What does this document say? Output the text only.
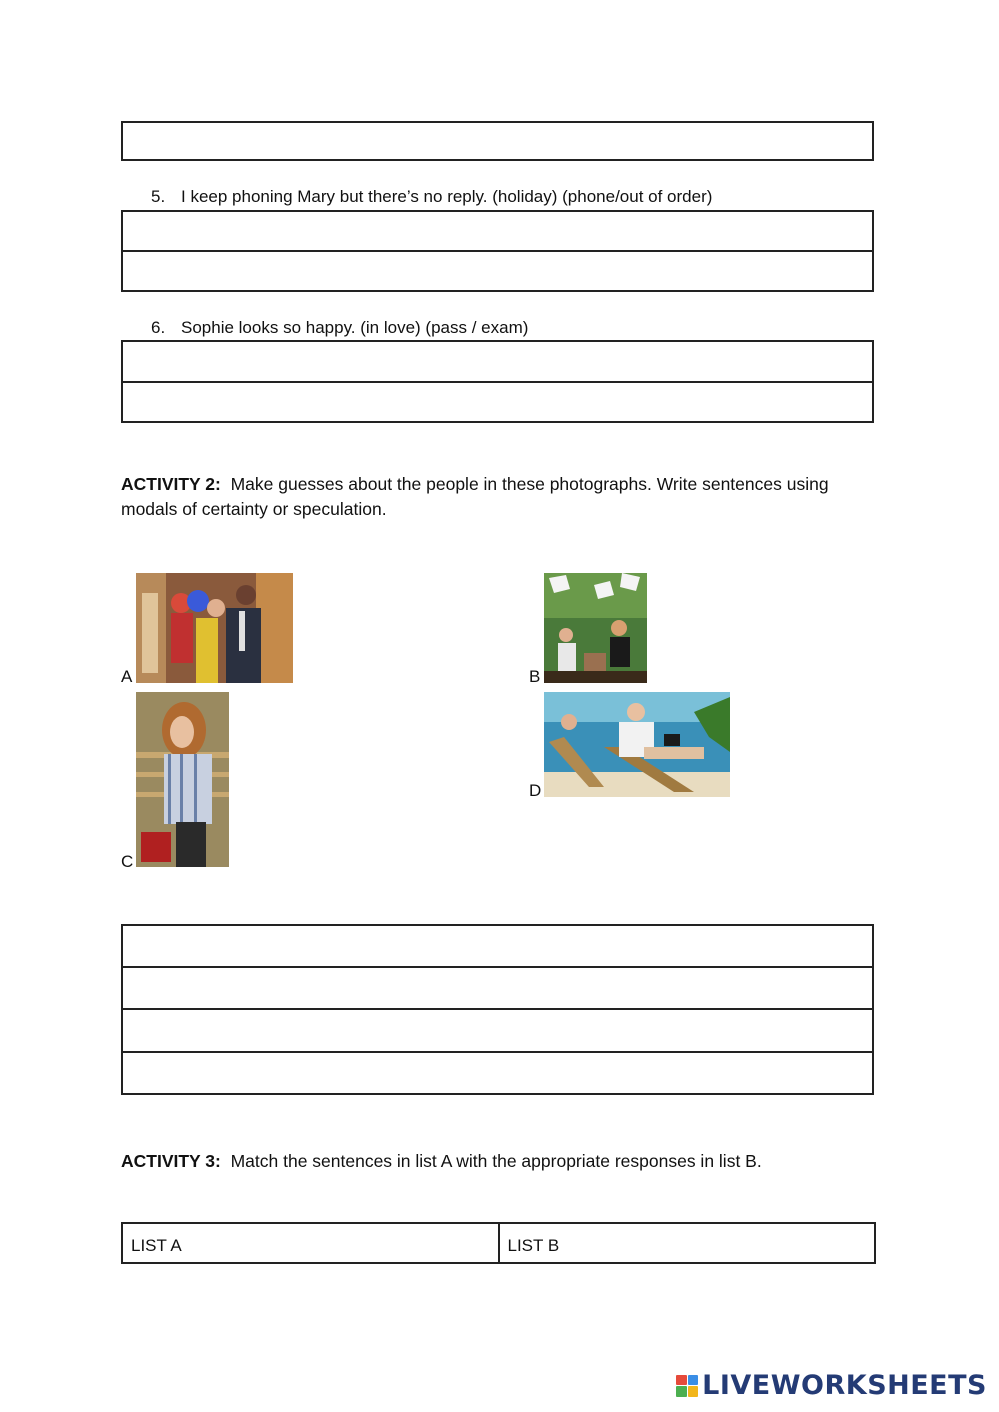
5. I keep phoning Mary but there’s no reply. (holiday) (phone/out of order)
6. Sophie looks so happy. (in love) (pass / exam)
ACTIVITY 2: Make guesses about the people in these photographs. Write sentences using modals of certainty or speculation.
A	B
C
D
ACTIVITY 3: Match the sentences in list A with the appropriate responses in list B.
LIST A	LIST B
LIVEWORKSHEETS
